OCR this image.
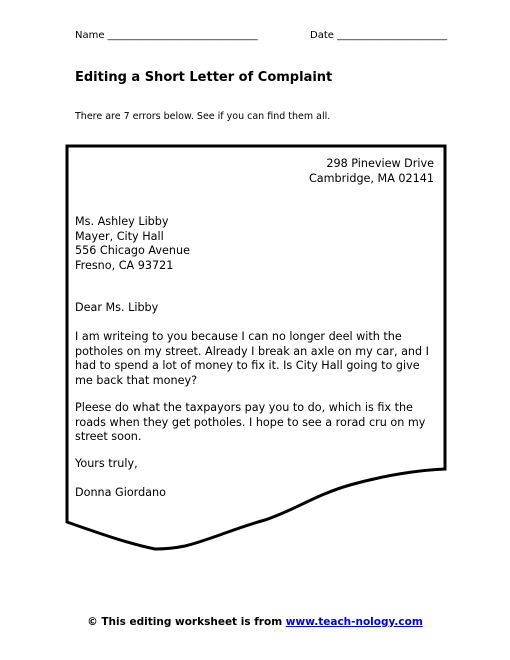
Name ______________________________	Date ______________________
Editing a Short Letter of Complaint
There are 7 errors below. See if you can find them all.
298 Pineview Drive
Cambridge, MA 02141
Ms. Ashley Libby
Mayer, City Hall
556 Chicago Avenue
Fresno, CA 93721
Dear Ms. Libby
I am writeing to you because I can no longer deel with the potholes on my street. Already I break an axle on my car, and I had to spend a lot of money to fix it. Is City Hall going to give me back that money?
Pleese do what the taxpayors pay you to do, which is fix the roads when they get potholes. I hope to see a rorad cru on my street soon.
Yours truly,
Donna Giordano
© This editing worksheet is from www.teach-nology.com
